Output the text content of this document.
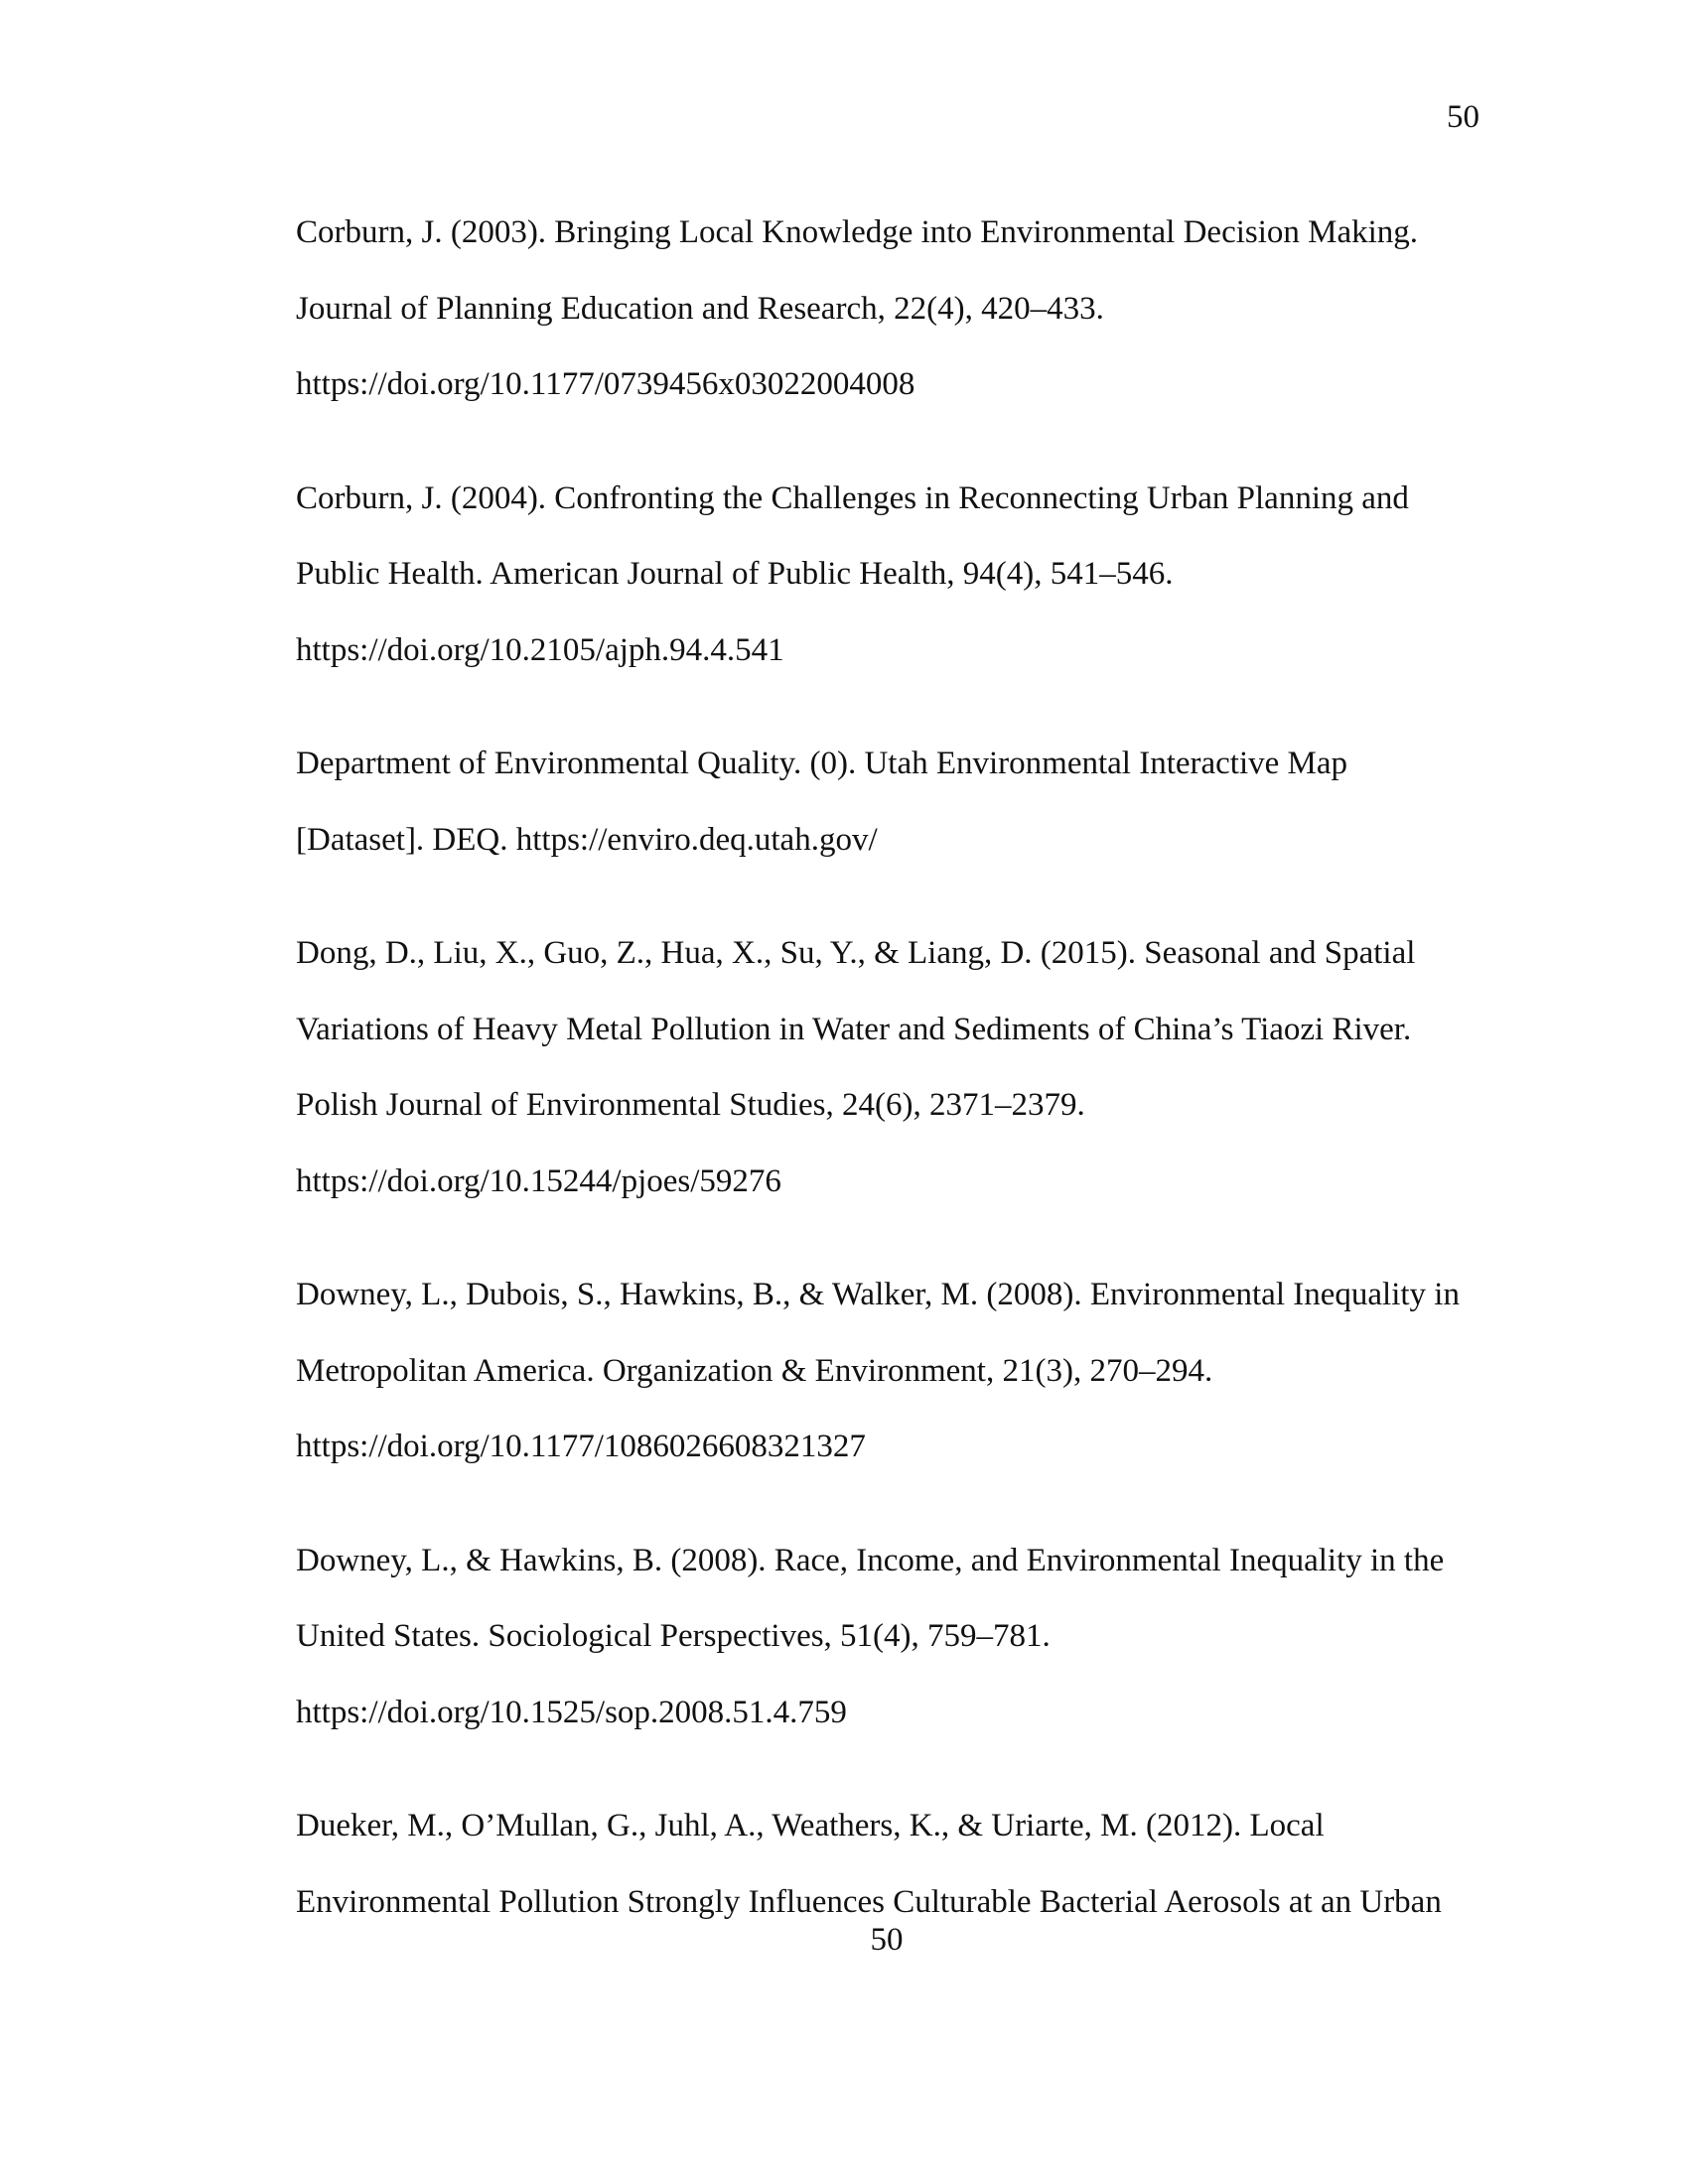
50
Corburn, J. (2003). Bringing Local Knowledge into Environmental Decision Making.
Journal of Planning Education and Research, 22(4), 420–433.
https://doi.org/10.1177/0739456x03022004008
Corburn, J. (2004). Confronting the Challenges in Reconnecting Urban Planning and
Public Health. American Journal of Public Health, 94(4), 541–546.
https://doi.org/10.2105/ajph.94.4.541
Department of Environmental Quality. (0). Utah Environmental Interactive Map
[Dataset]. DEQ. https://enviro.deq.utah.gov/
Dong, D., Liu, X., Guo, Z., Hua, X., Su, Y., & Liang, D. (2015). Seasonal and Spatial
Variations of Heavy Metal Pollution in Water and Sediments of China’s Tiaozi River.
Polish Journal of Environmental Studies, 24(6), 2371–2379.
https://doi.org/10.15244/pjoes/59276
Downey, L., Dubois, S., Hawkins, B., & Walker, M. (2008). Environmental Inequality in
Metropolitan America. Organization & Environment, 21(3), 270–294.
https://doi.org/10.1177/1086026608321327
Downey, L., & Hawkins, B. (2008). Race, Income, and Environmental Inequality in the
United States. Sociological Perspectives, 51(4), 759–781.
https://doi.org/10.1525/sop.2008.51.4.759
Dueker, M., O’Mullan, G., Juhl, A., Weathers, K., & Uriarte, M. (2012). Local
Environmental Pollution Strongly Influences Culturable Bacterial Aerosols at an Urban
50
